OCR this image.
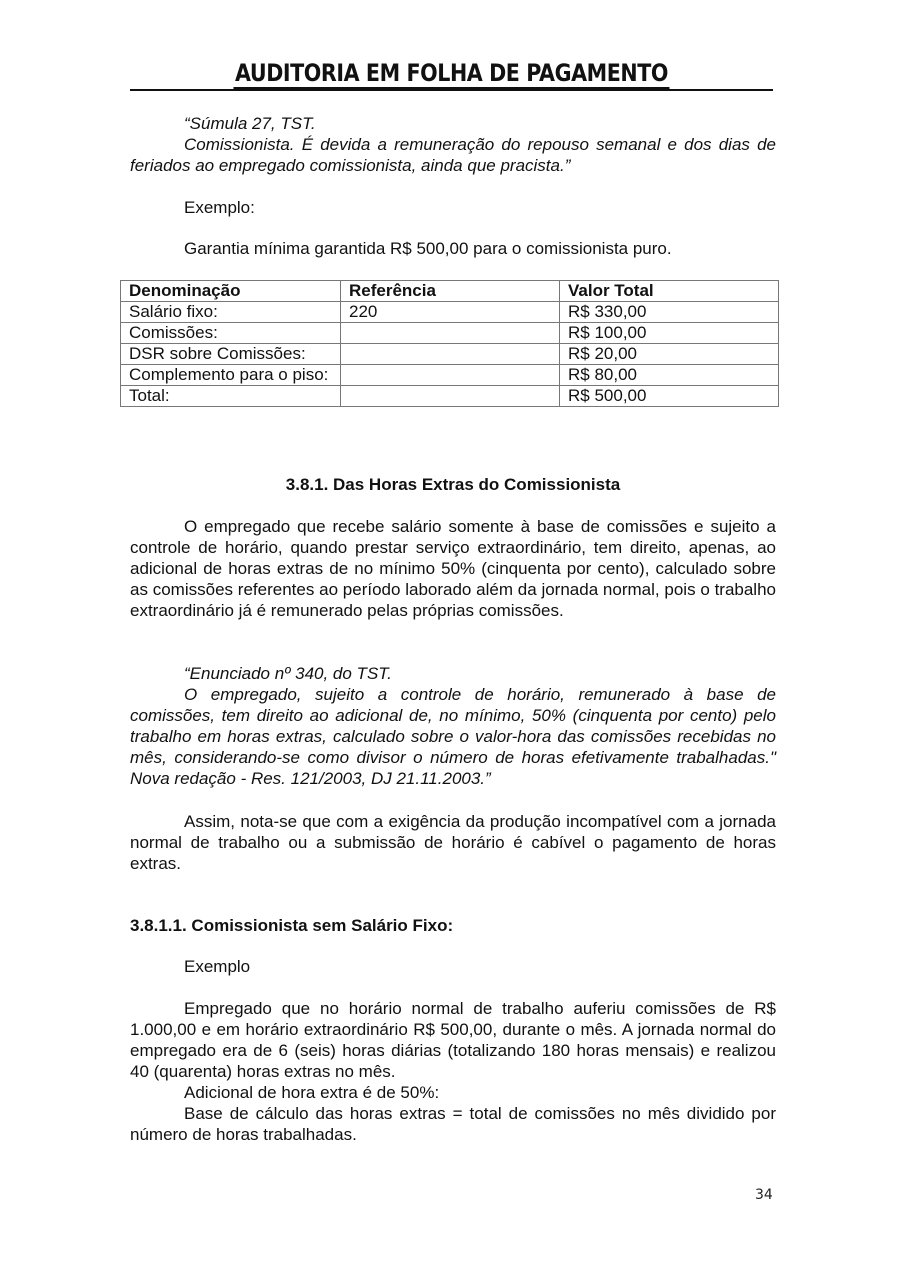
AUDITORIA EM FOLHA DE PAGAMENTO

“Súmula 27, TST.

Comissionista. É devida a remuneração do repouso semanal e dos dias de feriados ao empregado comissionista, ainda que pracista.”

Exemplo:
Garantia mínima garantida R$ 500,00 para o comissionista puro.
Denominação	Referência	Valor Total
Salário fixo:	220	R$ 330,00
Comissões:		R$ 100,00
DSR sobre Comissões:		R$ 20,00
Complemento para o piso:		R$ 80,00
Total:		R$ 500,00
3.8.1. Das Horas Extras do Comissionista
O empregado que recebe salário somente à base de comissões e sujeito a controle de horário, quando prestar serviço extraordinário, tem direito, apenas, ao adicional de horas extras de no mínimo 50% (cinquenta por cento), calculado sobre as comissões referentes ao período laborado além da jornada normal, pois o trabalho extraordinário já é remunerado pelas próprias comissões.

“Enunciado nº 340, do TST.

O empregado, sujeito a controle de horário, remunerado à base de comissões, tem direito ao adicional de, no mínimo, 50% (cinquenta por cento) pelo trabalho em horas extras, calculado sobre o valor-hora das comissões recebidas no mês, considerando-se como divisor o número de horas efetivamente trabalhadas." Nova redação - Res. 121/2003, DJ 21.11.2003.”

Assim, nota-se que com a exigência da produção incompatível com a jornada normal de trabalho ou a submissão de horário é cabível o pagamento de horas extras.
3.8.1.1. Comissionista sem Salário Fixo:
Exemplo

Empregado que no horário normal de trabalho auferiu comissões de R$ 1.000,00 e em horário extraordinário R$ 500,00, durante o mês. A jornada normal do empregado era de 6 (seis) horas diárias (totalizando 180 horas mensais) e realizou 40 (quarenta) horas extras no mês.

Adicional de hora extra é de 50%:

Base de cálculo das horas extras = total de comissões no mês dividido por número de horas trabalhadas.

34
